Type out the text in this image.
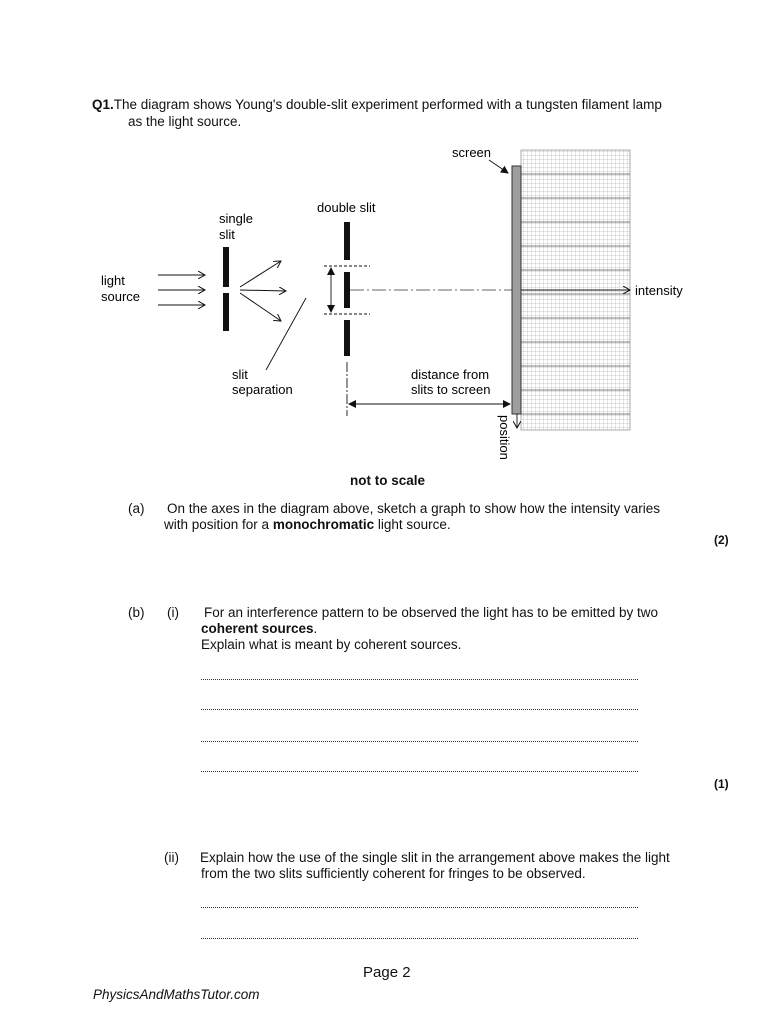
Q1.The diagram shows Young's double-slit experiment performed with a tungsten filament lamp
as the light source.
screen
intensity
position
light
source
single
slit
double slit
slit
separation
distance from
slits to screen
not to scale
(a) On the axes in the diagram above, sketch a graph to show how the intensity varies
with position for a monochromatic light source.
(2)
(b) (i) For an interference pattern to be observed the light has to be emitted by two
coherent sources.
Explain what is meant by coherent sources.
(1)
(ii) Explain how the use of the single slit in the arrangement above makes the light
from the two slits sufficiently coherent for fringes to be observed.
Page 2
PhysicsAndMathsTutor.com
